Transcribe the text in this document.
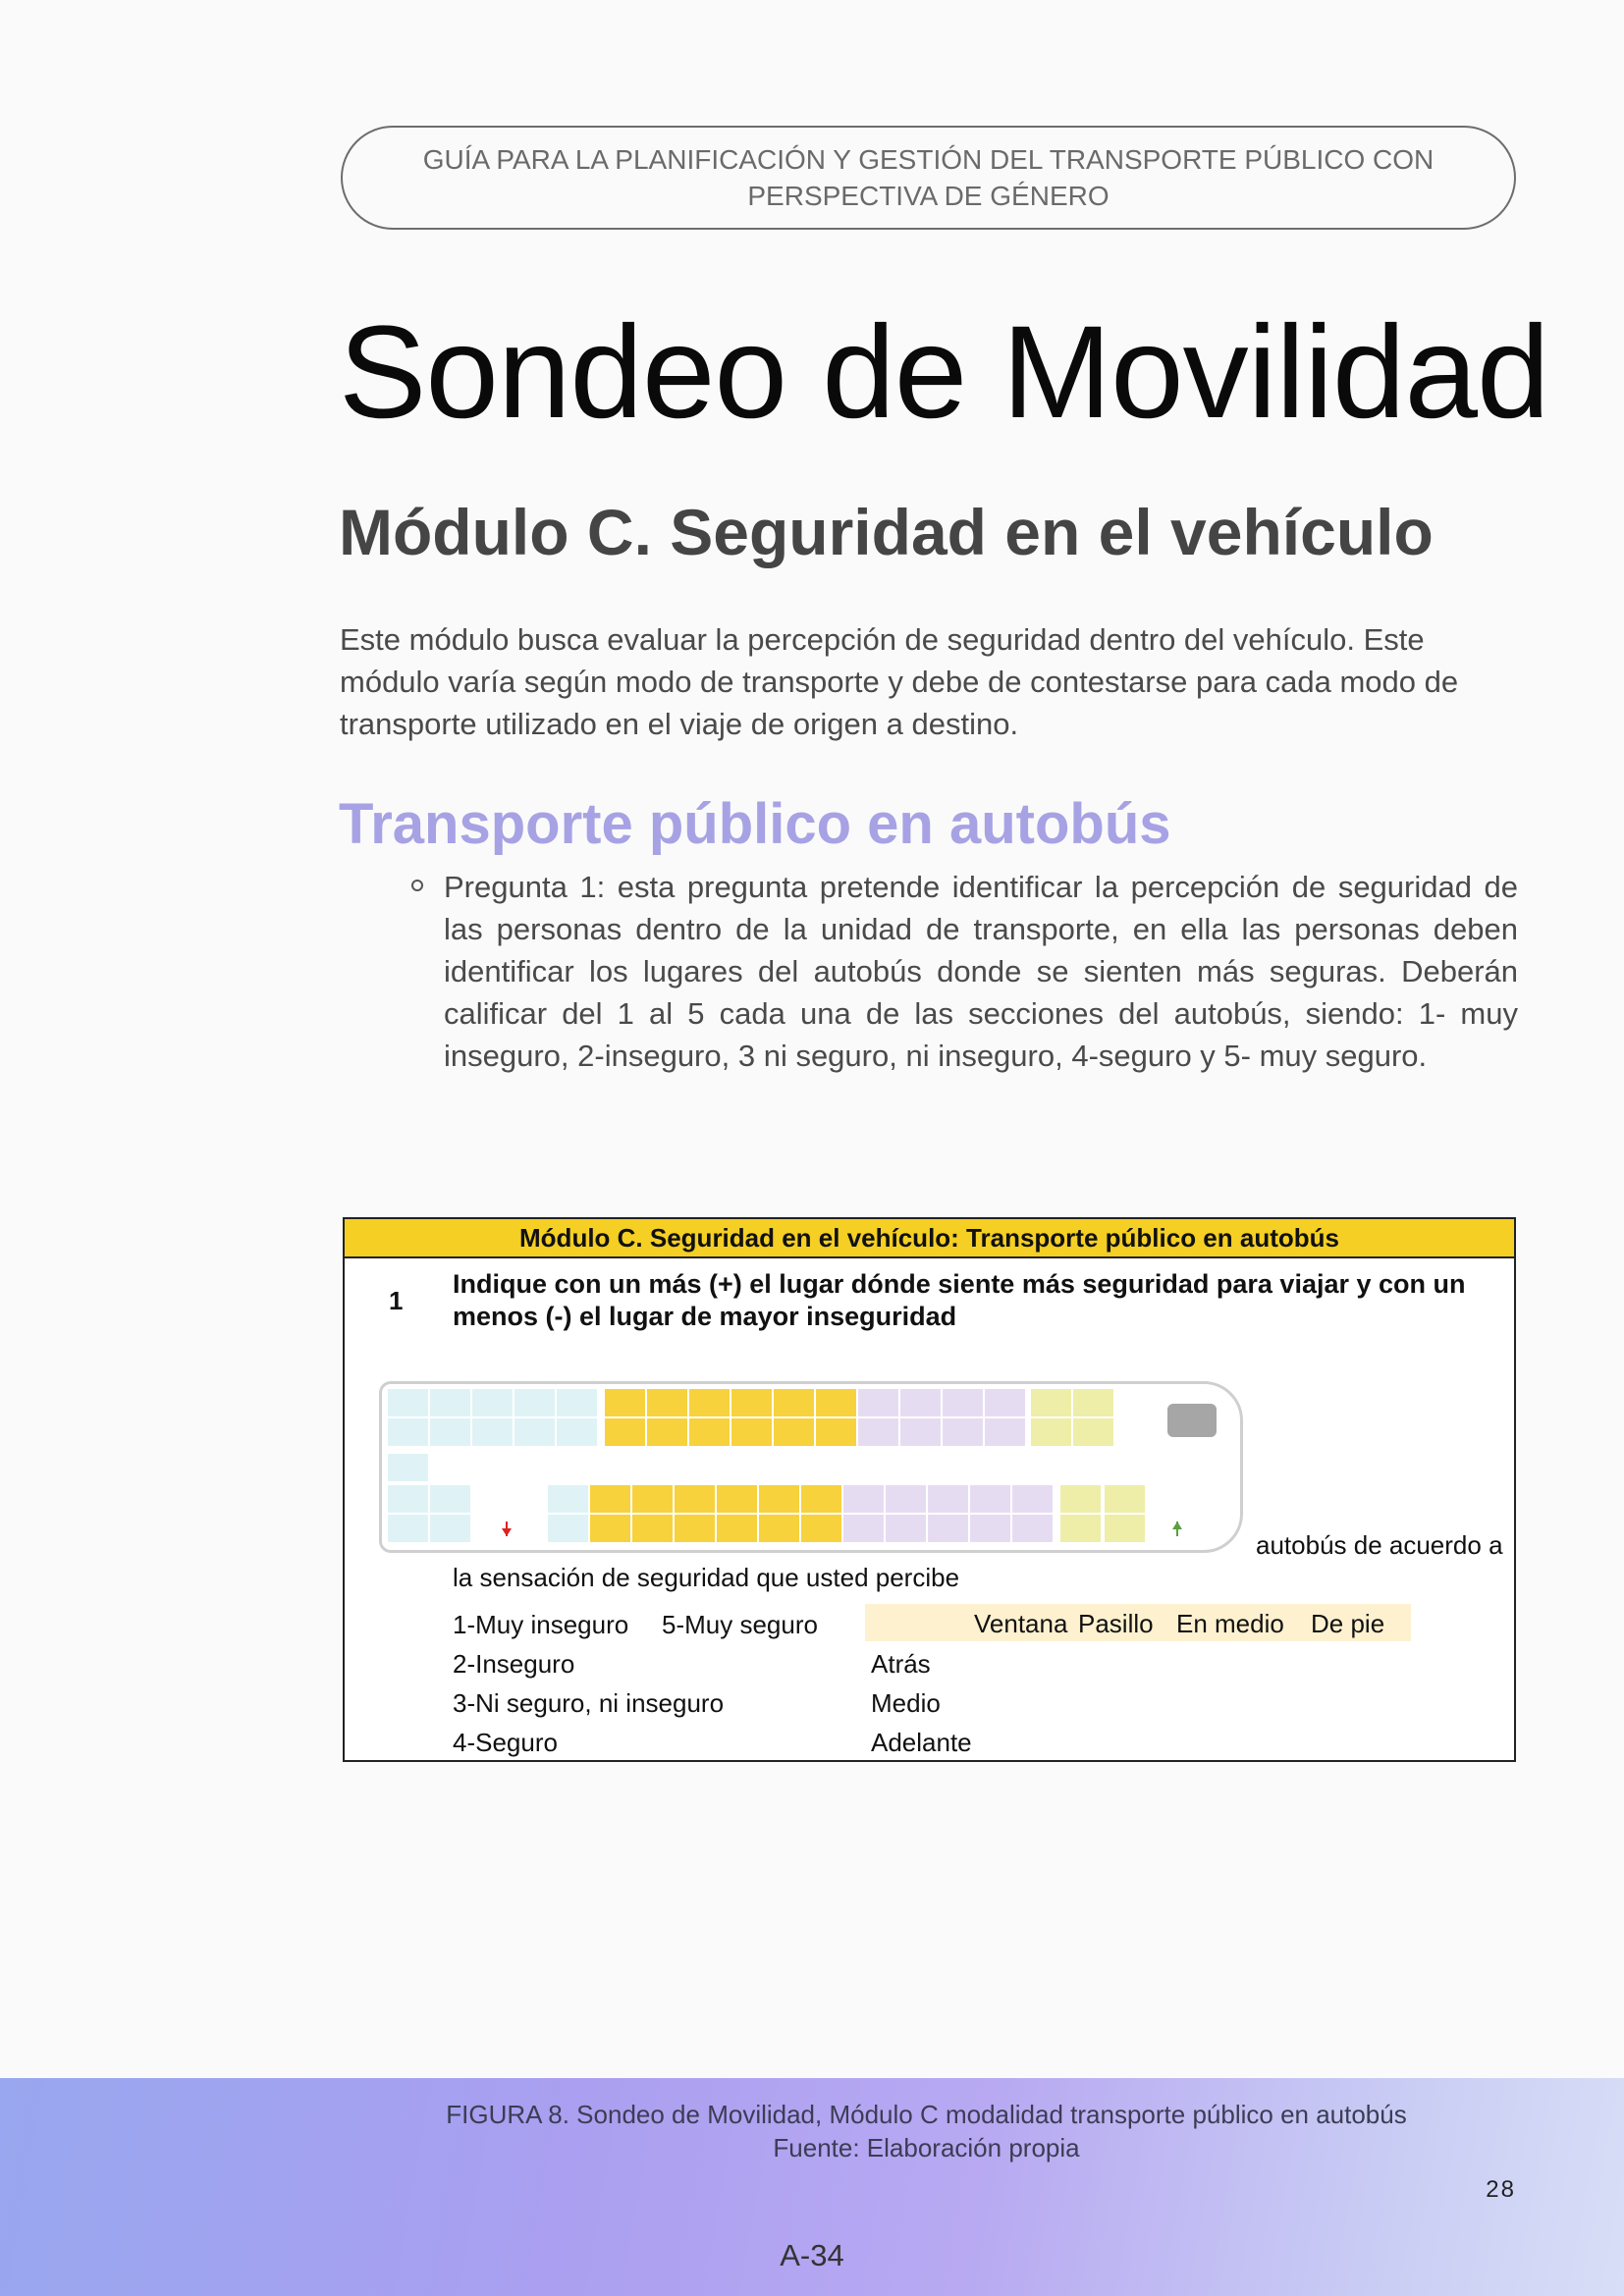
GUÍA PARA LA PLANIFICACIÓN Y GESTIÓN DEL TRANSPORTE PÚBLICO CON PERSPECTIVA DE GÉNERO
Sondeo de Movilidad
Módulo C. Seguridad en el vehículo

Este módulo busca evaluar la percepción de seguridad dentro del vehículo. Este módulo varía según modo de transporte y debe de contestarse para cada modo de transporte utilizado en el viaje de origen a destino.

Transporte público en autobús

Pregunta 1: esta pregunta pretende identificar la percepción de seguridad de las personas dentro de la unidad de transporte, en ella las personas deben identificar los lugares del autobús donde se sienten más seguras. Deberán calificar del 1 al 5 cada una de las secciones del autobús, siendo: 1- muy inseguro, 2-inseguro, 3 ni seguro, ni inseguro, 4-seguro y 5- muy seguro.

Módulo C. Seguridad en el vehículo: Transporte público en autobús
1
Indique con un más (+) el lugar dónde siente más seguridad para viajar y con un menos (-) el lugar de mayor inseguridad
autobús de acuerdo a
la sensación de seguridad que usted percibe
1-Muy inseguro 5-Muy seguro
2-Inseguro
3-Ni seguro, ni inseguro
4-Seguro
Ventana Pasillo En medio De pie
Atrás
Medio
Adelante
FIGURA 8. Sondeo de Movilidad, Módulo C modalidad transporte público en autobús
Fuente: Elaboración propia
28
A-34
